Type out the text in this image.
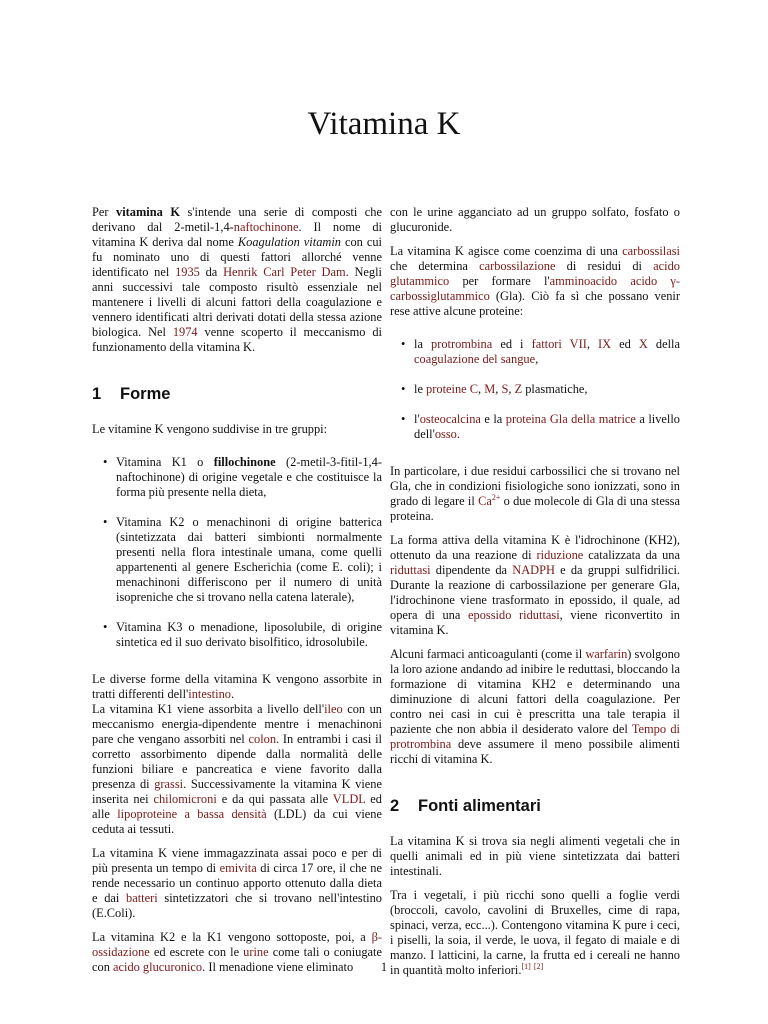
Vitamina K

Per vitamina K s'intende una serie di composti che derivano dal 2-metil-1,4-naftochinone. Il nome di vitamina K deriva dal nome Koagulation vitamin con cui fu nominato uno di questi fattori allorché venne identificato nel 1935 da Henrik Carl Peter Dam. Negli anni successivi tale composto risultò essenziale nel mantenere i livelli di alcuni fattori della coagulazione e vennero identificati altri derivati dotati della stessa azione biologica. Nel 1974 venne scoperto il meccanismo di funzionamento della vitamina K.

1 Forme

Le vitamine K vengono suddivise in tre gruppi:

• Vitamina K1 o fillochinone (2-metil-3-fitil-1,4-naftochinone) di origine vegetale e che costituisce la forma più presente nella dieta,
• Vitamina K2 o menachinoni di origine batterica (sintetizzata dai batteri simbionti normalmente presenti nella flora intestinale umana, come quelli appartenenti al genere Escherichia (come E. coli); i menachinoni differiscono per il numero di unità isopreniche che si trovano nella catena laterale),
• Vitamina K3 o menadione, liposolubile, di origine sintetica ed il suo derivato bisolfitico, idrosolubile.

Le diverse forme della vitamina K vengono assorbite in tratti differenti dell'intestino.

La vitamina K1 viene assorbita a livello dell'ileo con un meccanismo energia-dipendente mentre i menachinoni pare che vengano assorbiti nel colon. In entrambi i casi il corretto assorbimento dipende dalla normalità delle funzioni biliare e pancreatica e viene favorito dalla presenza di grassi. Successivamente la vitamina K viene inserita nei chilomicroni e da qui passata alle VLDL ed alle lipoproteine a bassa densità (LDL) da cui viene ceduta ai tessuti.

La vitamina K viene immagazzinata assai poco e per di più presenta un tempo di emivita di circa 17 ore, il che ne rende necessario un continuo apporto ottenuto dalla dieta e dai batteri sintetizzatori che si trovano nell'intestino (E.Coli).

La vitamina K2 e la K1 vengono sottoposte, poi, a β-ossidazione ed escrete con le urine come tali o coniugate con acido glucuronico. Il menadione viene eliminato

con le urine agganciato ad un gruppo solfato, fosfato o glucuronide.

La vitamina K agisce come coenzima di una carbossilasi che determina carbossilazione di residui di acido glutammico per formare l'amminoacido acido γ-carbossiglutammico (Gla). Ciò fa sì che possano venir rese attive alcune proteine:

• la protrombina ed i fattori VII, IX ed X della coagulazione del sangue,
• le proteine C, M, S, Z plasmatiche,
• l'osteocalcina e la proteina Gla della matrice a livello dell'osso.

In particolare, i due residui carbossilici che si trovano nel Gla, che in condizioni fisiologiche sono ionizzati, sono in grado di legare il $Ca^{2+}$ o due molecole di Gla di una stessa proteina.

La forma attiva della vitamina K è l'idrochinone (KH2), ottenuto da una reazione di riduzione catalizzata da una riduttasi dipendente da NADPH e da gruppi sulfidrilici. Durante la reazione di carbossilazione per generare Gla, l'idrochinone viene trasformato in epossido, il quale, ad opera di una epossido riduttasi, viene riconvertito in vitamina K.

Alcuni farmaci anticoagulanti (come il warfarin) svolgono la loro azione andando ad inibire le reduttasi, bloccando la formazione di vitamina KH2 e determinando una diminuzione di alcuni fattori della coagulazione. Per contro nei casi in cui è prescritta una tale terapia il paziente che non abbia il desiderato valore del Tempo di protrombina deve assumere il meno possibile alimenti ricchi di vitamina K.

2 Fonti alimentari

La vitamina K si trova sia negli alimenti vegetali che in quelli animali ed in più viene sintetizzata dai batteri intestinali.

Tra i vegetali, i più ricchi sono quelli a foglie verdi (broccoli, cavolo, cavolini di Bruxelles, cime di rapa, spinaci, verza, ecc...). Contengono vitamina K pure i ceci, i piselli, la soia, il verde, le uova, il fegato di maiale e di manzo. I latticini, la carne, la frutta ed i cereali ne hanno in quantità molto inferiori.[1] [2]

1
